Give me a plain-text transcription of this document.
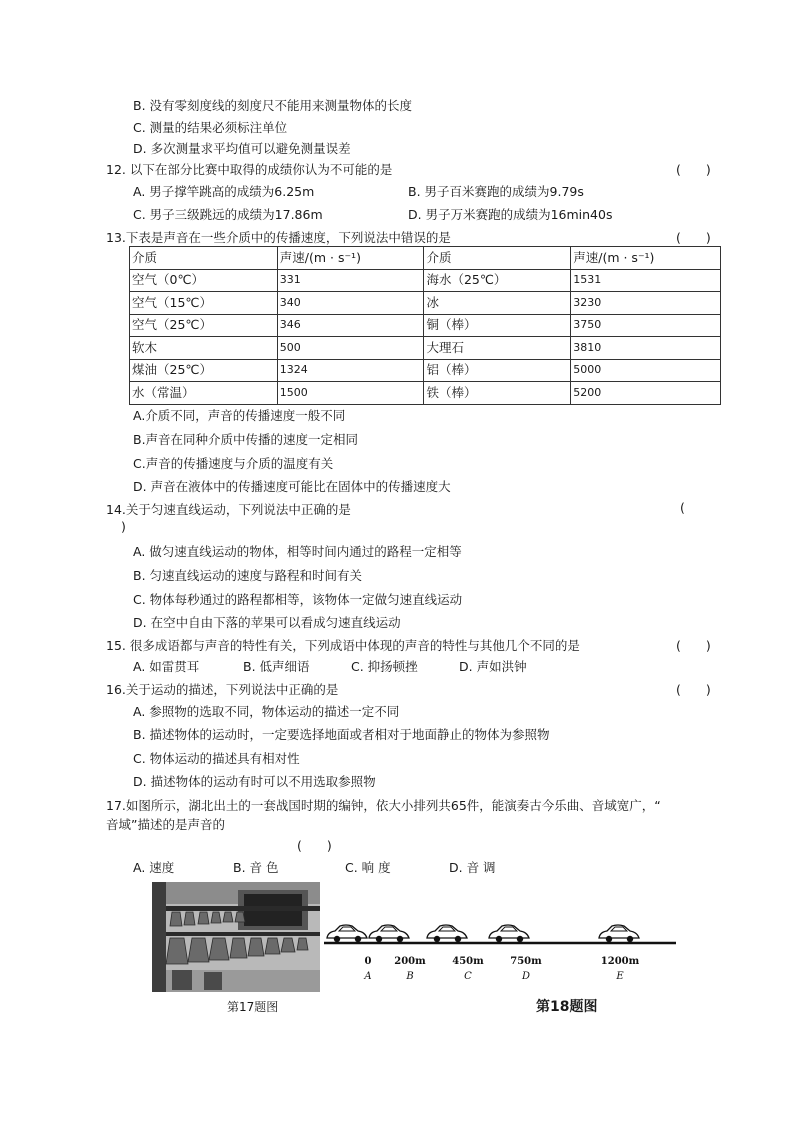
B. 没有零刻度线的刻度尺不能用来测量物体的长度
C. 测量的结果必须标注单位
D. 多次测量求平均值可以避免测量误差
12. 以下在部分比赛中取得的成绩你认为不可能的是	(　　)
A. 男子撑竿跳高的成绩为6.25m	B. 男子百米赛跑的成绩为9.79s
C. 男子三级跳远的成绩为17.86m	D. 男子万米赛跑的成绩为16min40s
13.下表是声音在一些介质中的传播速度，下列说法中错误的是	(　　)
介质	声速/(m · s⁻¹)	介质	声速/(m · s⁻¹)
空气（0℃）	331	海水（25℃）	1531
空气（15℃）	340	冰	3230
空气（25℃）	346	铜（棒）	3750
软木	500	大理石	3810
煤油（25℃）	1324	铝（棒）	5000
水（常温）	1500	铁（棒）	5200
A.介质不同，声音的传播速度一般不同
B.声音在同种介质中传播的速度一定相同
C.声音的传播速度与介质的温度有关
D. 声音在液体中的传播速度可能比在固体中的传播速度大
14.关于匀速直线运动，下列说法中正确的是	(
)
A. 做匀速直线运动的物体，相等时间内通过的路程一定相等
B. 匀速直线运动的速度与路程和时间有关
C. 物体每秒通过的路程都相等，该物体一定做匀速直线运动
D. 在空中自由下落的苹果可以看成匀速直线运动
15. 很多成语都与声音的特性有关，下列成语中体现的声音的特性与其他几个不同的是	(　　)
A. 如雷贯耳	B. 低声细语	C. 抑扬顿挫	D. 声如洪钟
16.关于运动的描述，下列说法中正确的是	(　　)
A. 参照物的选取不同，物体运动的描述一定不同
B. 描述物体的运动时，一定要选择地面或者相对于地面静止的物体为参照物
C. 物体运动的描述具有相对性
D. 描述物体的运动有时可以不用选取参照物
17.如图所示，湖北出土的一套战国时期的编钟，依大小排列共65件，能演奏古今乐曲、音域宽广，“
音域”描述的是声音的
(　　)
A. 速度	B. 音 色	C. 响 度	D. 音 调
第17题图
0
A
200m
B
450m
C
750m
D
1200m
E
第18题图
